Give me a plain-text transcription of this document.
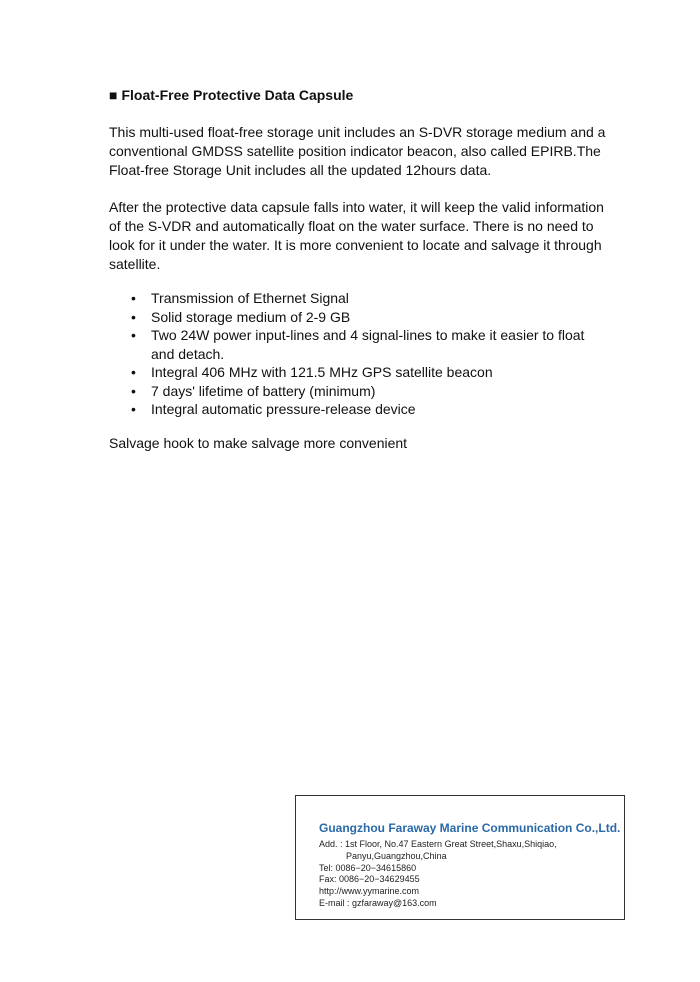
■ Float-Free Protective Data Capsule

This multi-used float-free storage unit includes an S-DVR storage medium and a conventional GMDSS satellite position indicator beacon, also called EPIRB.The Float-free Storage Unit includes all the updated 12hours data.

After the protective data capsule falls into water, it will keep the valid information of the S-VDR and automatically float on the water surface. There is no need to look for it under the water. It is more convenient to locate and salvage it through satellite.

• Transmission of Ethernet Signal
• Solid storage medium of 2-9 GB
• Two 24W power input-lines and 4 signal-lines to make it easier to float and detach.
• Integral 406 MHz with 121.5 MHz GPS satellite beacon
• 7 days' lifetime of battery (minimum)
• Integral automatic pressure-release device
Salvage hook to make salvage more convenient
Guangzhou Faraway Marine Communication Co.,Ltd.
Add. : 1st Floor, No.47 Eastern Great Street,Shaxu,Shiqiao,
Panyu,Guangzhou,China
Tel: 0086−20−34615860
Fax: 0086−20−34629455
http://www.yymarine.com
E-mail : gzfaraway@163.com
